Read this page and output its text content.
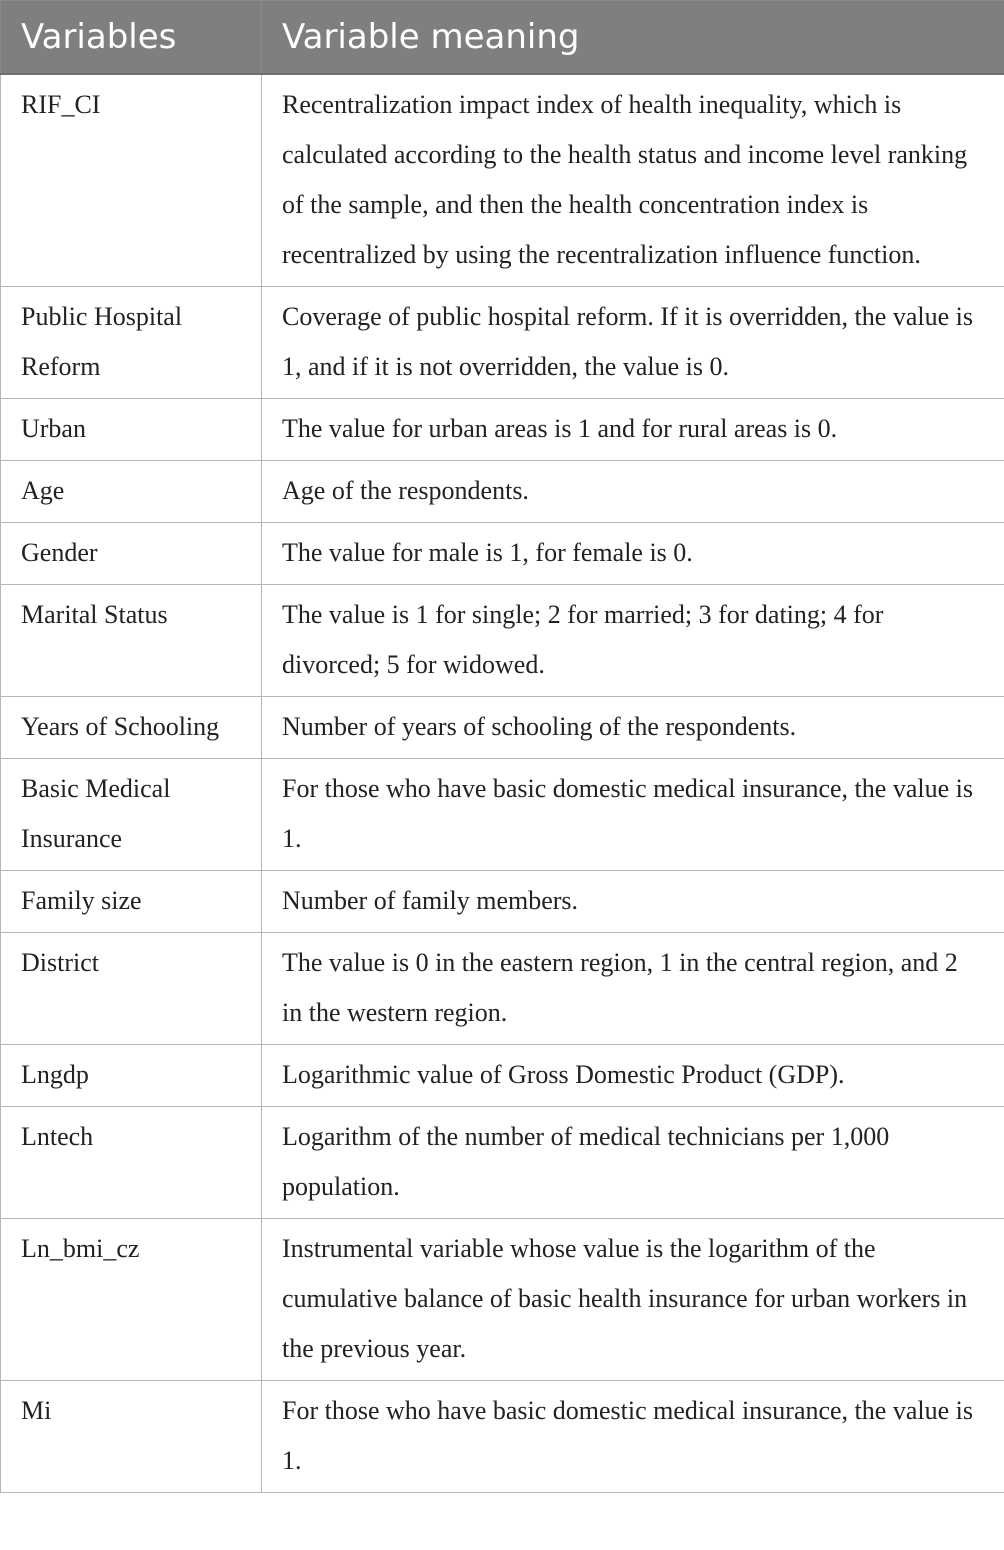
Variables	Variable meaning
RIF_CI	Recentralization impact index of health inequality, which is calculated according to the health status and income level ranking of the sample, and then the health concentration index is recentralized by using the recentralization influence function.
Public Hospital Reform	Coverage of public hospital reform. If it is overridden, the value is 1, and if it is not overridden, the value is 0.
Urban	The value for urban areas is 1 and for rural areas is 0.
Age	Age of the respondents.
Gender	The value for male is 1, for female is 0.
Marital Status	The value is 1 for single; 2 for married; 3 for dating; 4 for divorced; 5 for widowed.
Years of Schooling	Number of years of schooling of the respondents.
Basic Medical Insurance	For those who have basic domestic medical insurance, the value is 1.
Family size	Number of family members.
District	The value is 0 in the eastern region, 1 in the central region, and 2 in the western region.
Lngdp	Logarithmic value of Gross Domestic Product (GDP).
Lntech	Logarithm of the number of medical technicians per 1,000 population.
Ln_bmi_cz	Instrumental variable whose value is the logarithm of the cumulative balance of basic health insurance for urban workers in the previous year.
Mi	For those who have basic domestic medical insurance, the value is 1.
